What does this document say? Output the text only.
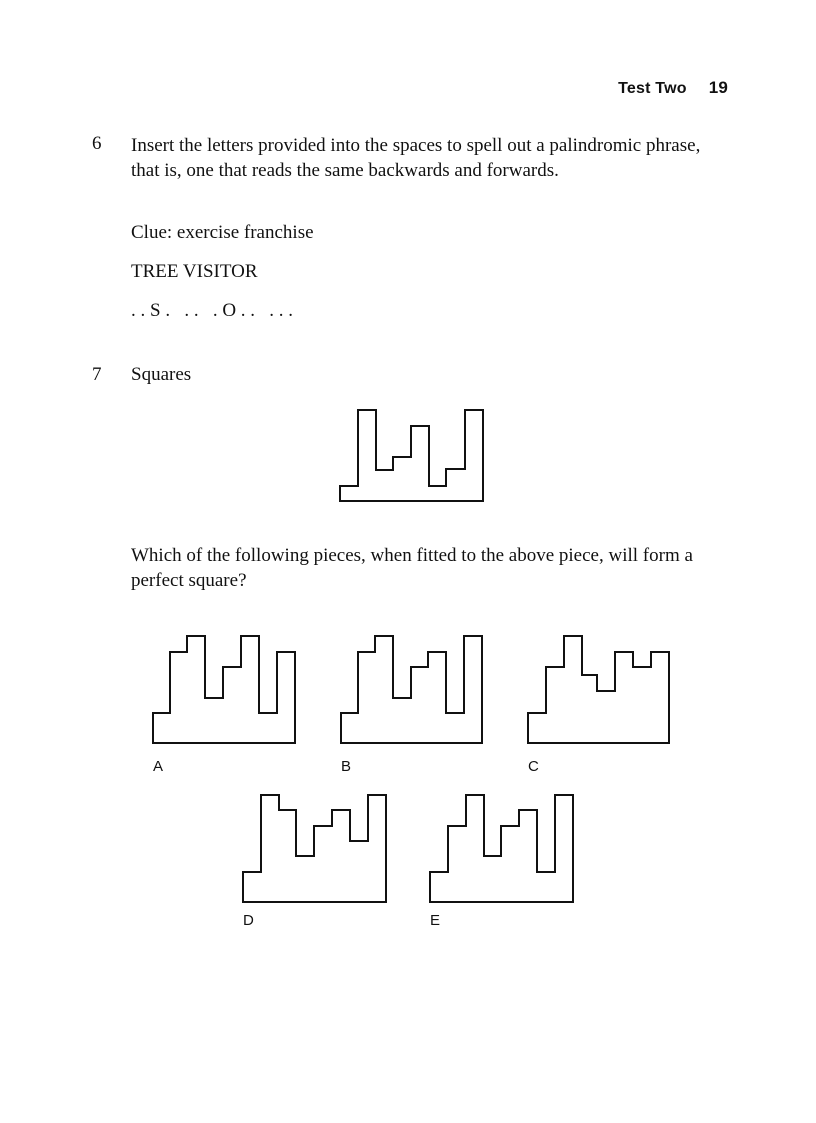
Test Two 19
6 Insert the letters provided into the spaces to spell out a palindromic phrase, that is, one that reads the same backwards and forwards.

Clue: exercise franchise

TREE VISITOR

. . S .   . .   . O . .   . . .

7 Squares

Which of the following pieces, when fitted to the above piece, will form a perfect square?

A	B	C
D	E
